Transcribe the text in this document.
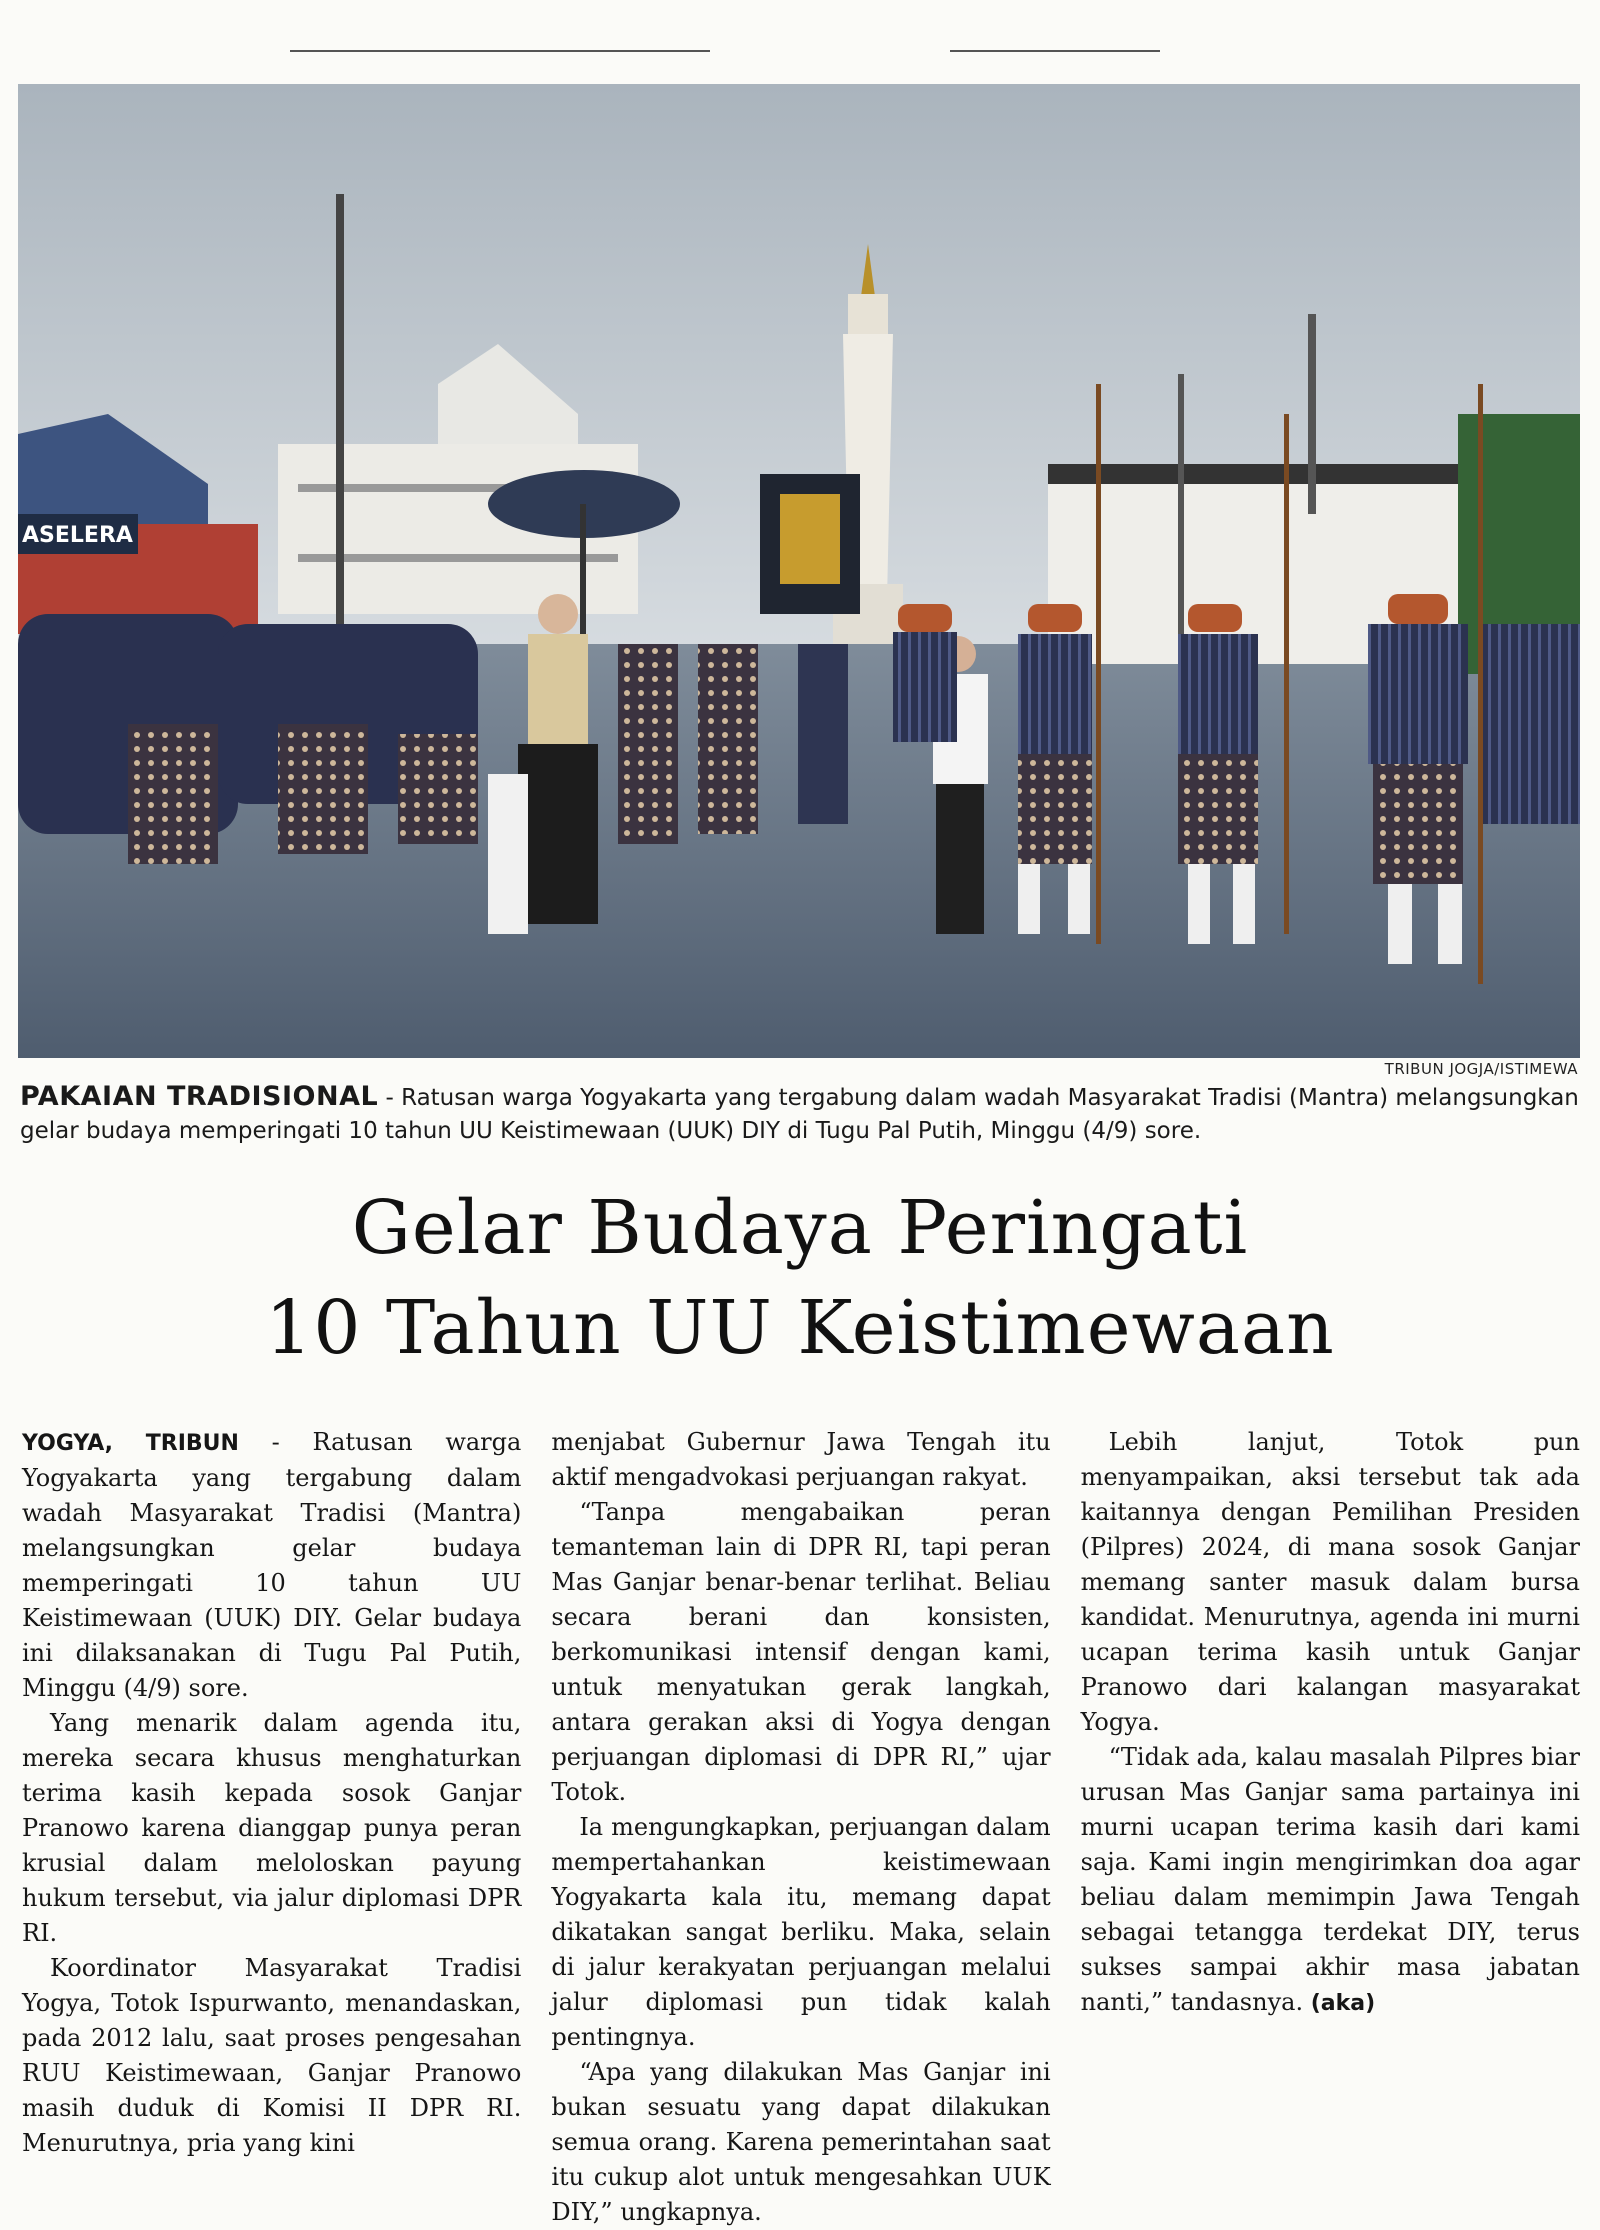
ASELERA
TRIBUN JOGJA/ISTIMEWA
PAKAIAN TRADISIONAL - Ratusan warga Yogyakarta yang tergabung dalam wadah Masyarakat Tradisi (Mantra) melangsungkan gelar budaya memperingati 10 tahun UU Keistimewaan (UUK) DIY di Tugu Pal Putih, Minggu (4/9) sore.
Gelar Budaya Peringati
10 Tahun UU Keistimewaan

YOGYA, TRIBUN - Ratusan warga Yogyakarta yang tergabung dalam wadah Masyarakat Tradisi (Mantra) melangsungkan gelar budaya memperingati 10 tahun UU Keistimewaan (UUK) DIY. Gelar budaya ini dilaksanakan di Tugu Pal Putih, Minggu (4/9) sore.

Yang menarik dalam agenda itu, mereka secara khusus menghaturkan terima kasih kepada sosok Ganjar Pranowo karena dianggap punya peran krusial dalam meloloskan payung hukum tersebut, via jalur diplomasi DPR RI.

Koordinator Masyarakat Tradisi Yogya, Totok Ispurwanto, menandaskan, pada 2012 lalu, saat proses pengesahan RUU Keistimewaan, Ganjar Pranowo masih duduk di Komisi II DPR RI. Menurutnya, pria yang kini

menjabat Gubernur Jawa Tengah itu aktif mengadvokasi perjuangan rakyat.

“Tanpa mengabaikan peran temanteman lain di DPR RI, tapi peran Mas Ganjar benar-benar terlihat. Beliau secara berani dan konsisten, berkomunikasi intensif dengan kami, untuk menyatukan gerak langkah, antara gerakan aksi di Yogya dengan perjuangan diplomasi di DPR RI,” ujar Totok.

Ia mengungkapkan, perjuangan dalam mempertahankan keistimewaan Yogyakarta kala itu, memang dapat dikatakan sangat berliku. Maka, selain di jalur kerakyatan perjuangan melalui jalur diplomasi pun tidak kalah pentingnya.

“Apa yang dilakukan Mas Ganjar ini bukan sesuatu yang dapat dilakukan semua orang. Karena pemerintahan saat itu cukup alot untuk mengesahkan UUK DIY,” ungkapnya.

Lebih lanjut, Totok pun menyampaikan, aksi tersebut tak ada kaitannya dengan Pemilihan Presiden (Pilpres) 2024, di mana sosok Ganjar memang santer masuk dalam bursa kandidat. Menurutnya, agenda ini murni ucapan terima kasih untuk Ganjar Pranowo dari kalangan masyarakat Yogya.

“Tidak ada, kalau masalah Pilpres biar urusan Mas Ganjar sama partainya ini murni ucapan terima kasih dari kami saja. Kami ingin mengirimkan doa agar beliau dalam memimpin Jawa Tengah sebagai tetangga terdekat DIY, terus sukses sampai akhir masa jabatan nanti,” tandasnya. (aka)
